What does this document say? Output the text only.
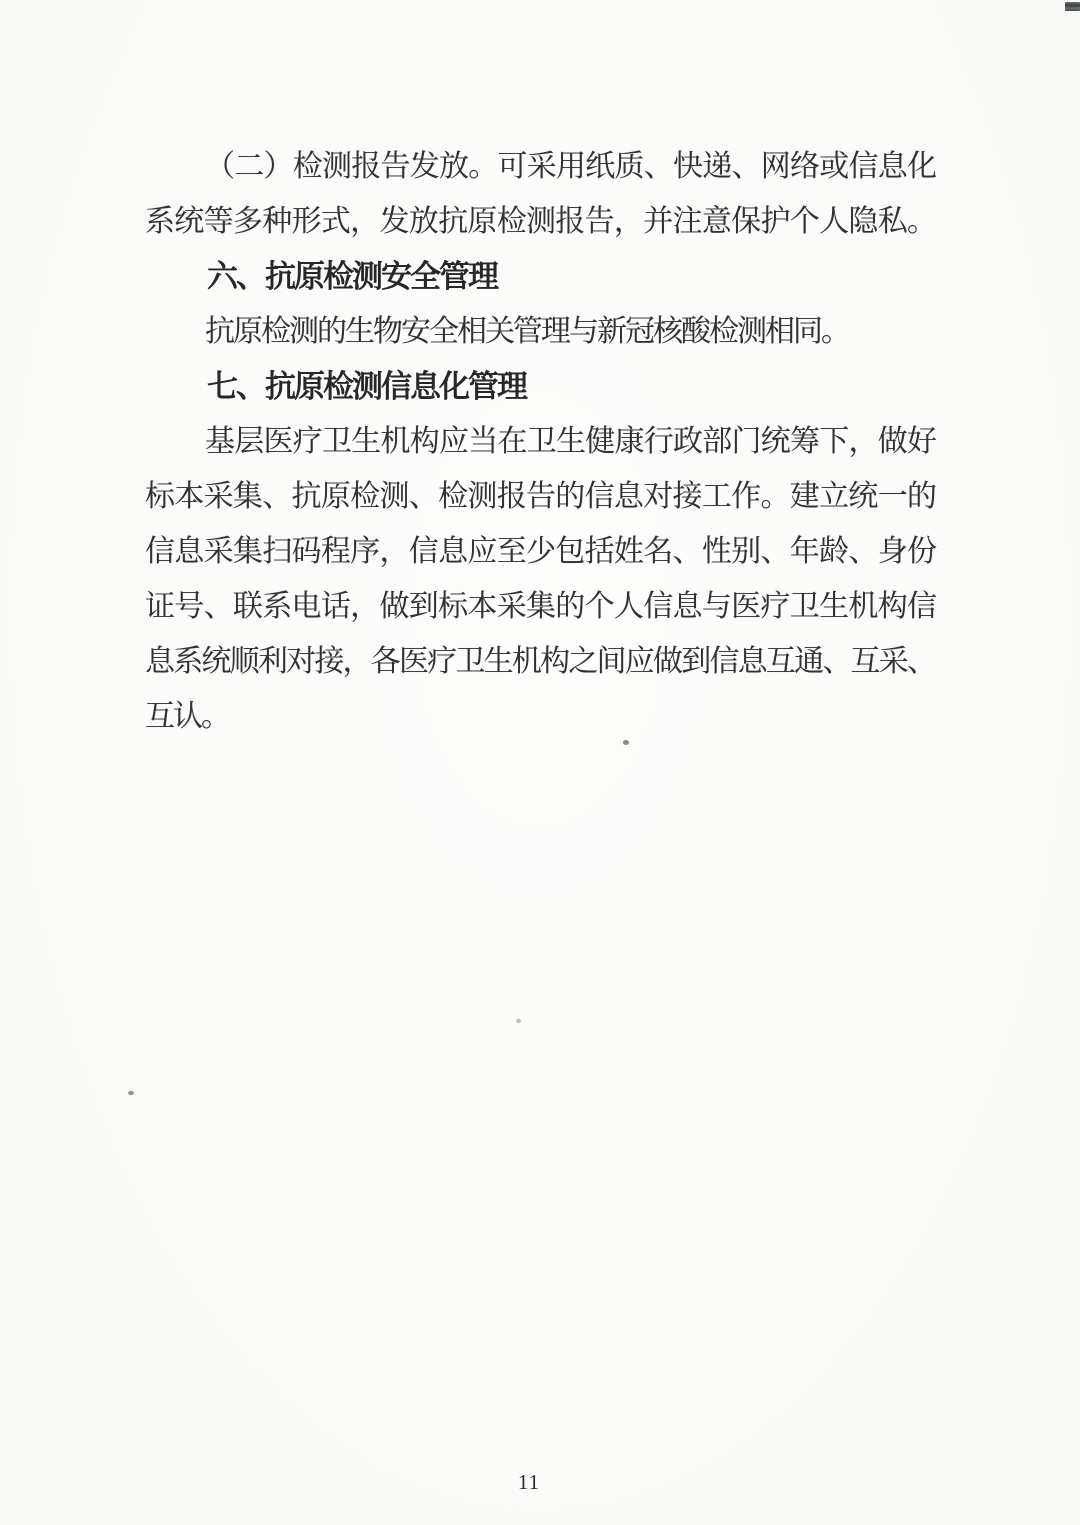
（二）检测报告发放。可采用纸质、快递、网络或信息化
系统等多种形式，发放抗原检测报告，并注意保护个人隐私。
六、抗原检测安全管理
抗原检测的生物安全相关管理与新冠核酸检测相同。
七、抗原检测信息化管理
基层医疗卫生机构应当在卫生健康行政部门统筹下，做好
标本采集、抗原检测、检测报告的信息对接工作。建立统一的
信息采集扫码程序，信息应至少包括姓名、性别、年龄、身份
证号、联系电话，做到标本采集的个人信息与医疗卫生机构信
息系统顺利对接，各医疗卫生机构之间应做到信息互通、互采、
互认。
11
